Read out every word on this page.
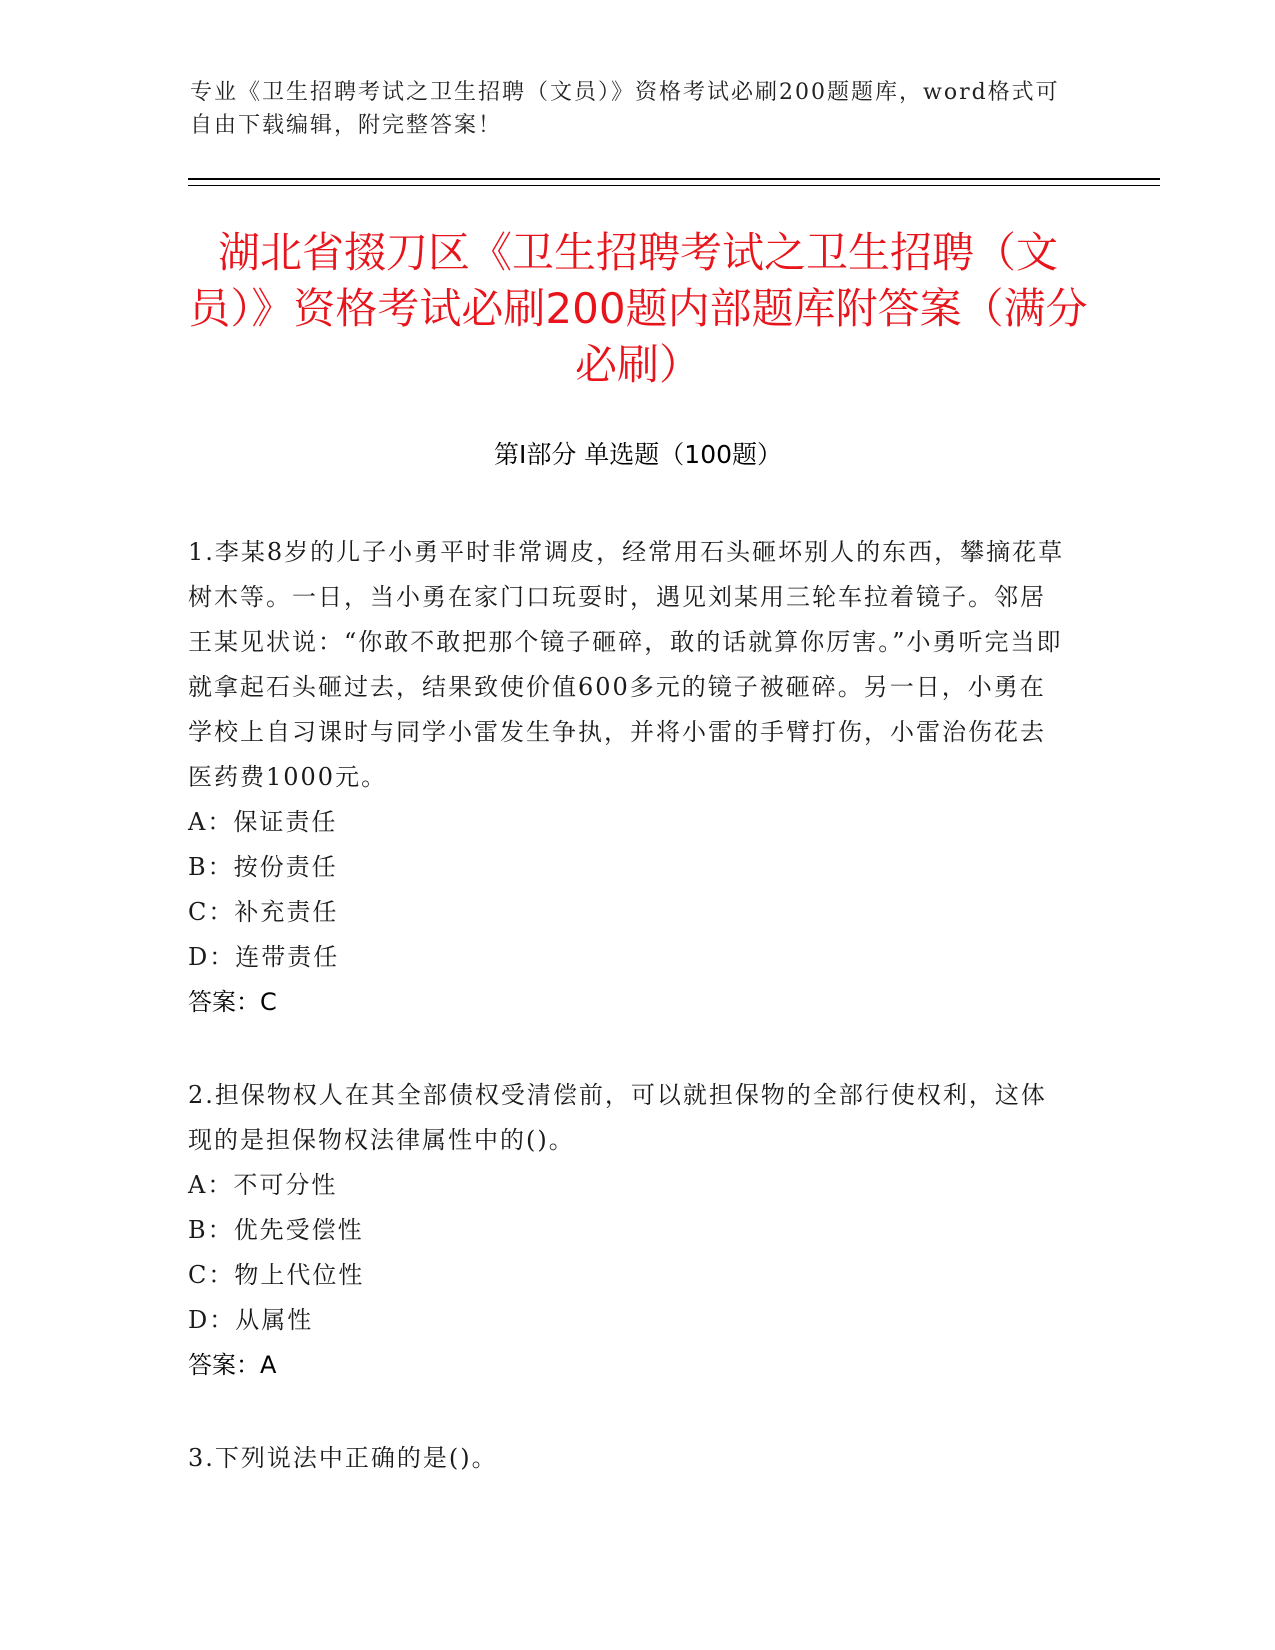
专业《卫生招聘考试之卫生招聘（文员）》资格考试必刷200题题库，word格式可自由下载编辑，附完整答案！
湖北省掇刀区《卫生招聘考试之卫生招聘（文员）》资格考试必刷200题内部题库附答案（满分必刷）
第Ⅰ部分 单选题（100题）

1.李某8岁的儿子小勇平时非常调皮，经常用石头砸坏别人的东西，攀摘花草树木等。一日，当小勇在家门口玩耍时，遇见刘某用三轮车拉着镜子。邻居王某见状说：“你敢不敢把那个镜子砸碎，敢的话就算你厉害。”小勇听完当即就拿起石头砸过去，结果致使价值600多元的镜子被砸碎。另一日，小勇在学校上自习课时与同学小雷发生争执，并将小雷的手臂打伤，小雷治伤花去医药费1000元。

A：保证责任
B：按份责任
C：补充责任
D：连带责任

答案：C

2.担保物权人在其全部债权受清偿前，可以就担保物的全部行使权利，这体现的是担保物权法律属性中的()。

A：不可分性
B：优先受偿性
C：物上代位性
D：从属性

答案：A

3.下列说法中正确的是()。
